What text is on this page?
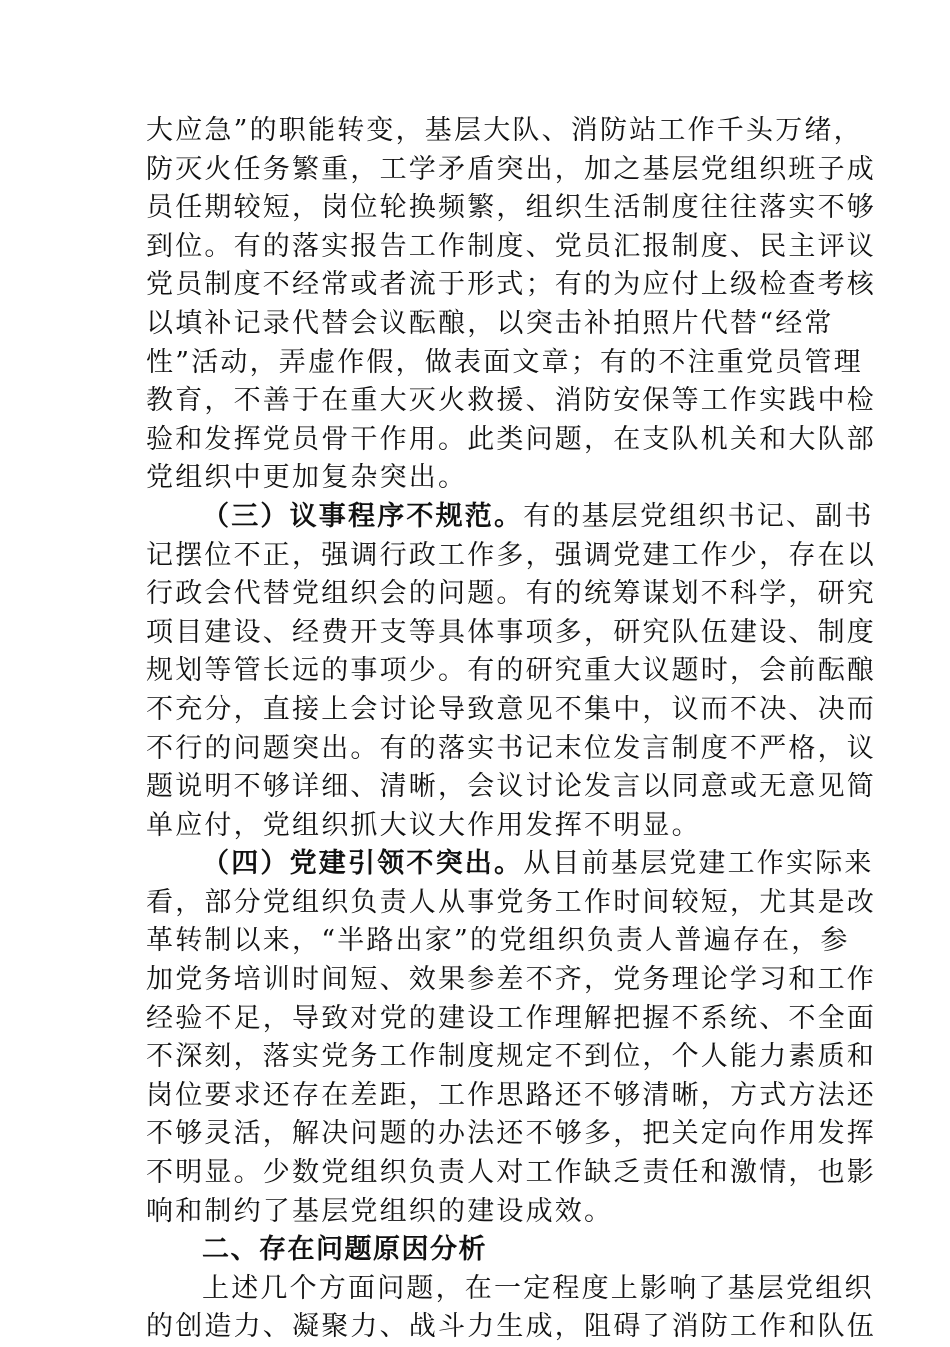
大应急”的职能转变，基层大队、消防站工作千头万绪，
防灭火任务繁重，工学矛盾突出，加之基层党组织班子成
员任期较短，岗位轮换频繁，组织生活制度往往落实不够
到位。有的落实报告工作制度、党员汇报制度、民主评议
党员制度不经常或者流于形式；有的为应付上级检查考核
以填补记录代替会议酝酿，以突击补拍照片代替“经常
性”活动，弄虚作假，做表面文章；有的不注重党员管理
教育，不善于在重大灭火救援、消防安保等工作实践中检
验和发挥党员骨干作用。此类问题，在支队机关和大队部
党组织中更加复杂突出。
（三）议事程序不规范。有的基层党组织书记、副书
记摆位不正，强调行政工作多，强调党建工作少，存在以
行政会代替党组织会的问题。有的统筹谋划不科学，研究
项目建设、经费开支等具体事项多，研究队伍建设、制度
规划等管长远的事项少。有的研究重大议题时，会前酝酿
不充分，直接上会讨论导致意见不集中，议而不决、决而
不行的问题突出。有的落实书记末位发言制度不严格，议
题说明不够详细、清晰，会议讨论发言以同意或无意见简
单应付，党组织抓大议大作用发挥不明显。
（四）党建引领不突出。从目前基层党建工作实际来
看，部分党组织负责人从事党务工作时间较短，尤其是改
革转制以来，“半路出家”的党组织负责人普遍存在，参
加党务培训时间短、效果参差不齐，党务理论学习和工作
经验不足，导致对党的建设工作理解把握不系统、不全面
不深刻，落实党务工作制度规定不到位，个人能力素质和
岗位要求还存在差距，工作思路还不够清晰，方式方法还
不够灵活，解决问题的办法还不够多，把关定向作用发挥
不明显。少数党组织负责人对工作缺乏责任和激情，也影
响和制约了基层党组织的建设成效。
二、存在问题原因分析
上述几个方面问题，在一定程度上影响了基层党组织
的创造力、凝聚力、战斗力生成，阻碍了消防工作和队伍
